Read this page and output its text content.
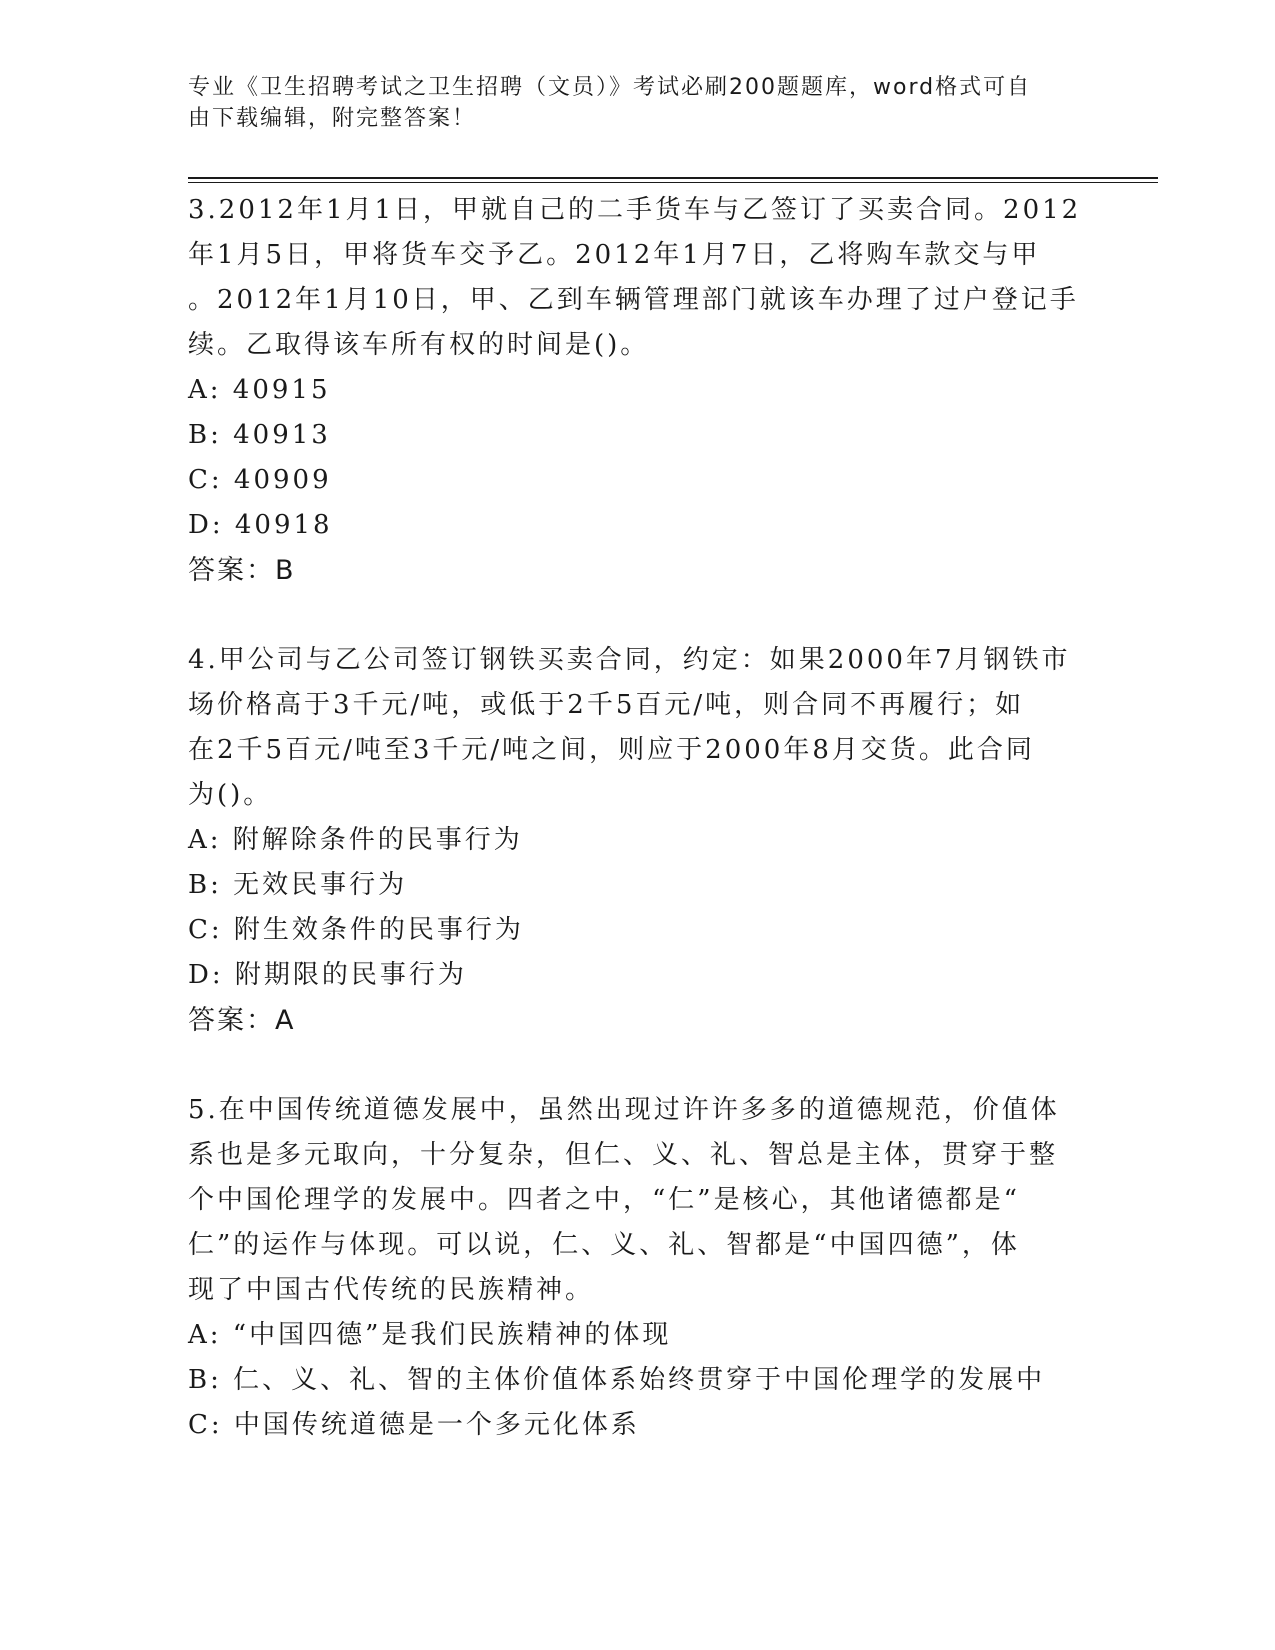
专业《卫生招聘考试之卫生招聘（文员）》考试必刷200题题库，word格式可自
由下载编辑，附完整答案！
3.2012年1月1日，甲就自己的二手货车与乙签订了买卖合同。2012
年1月5日，甲将货车交予乙。2012年1月7日，乙将购车款交与甲
。2012年1月10日，甲、乙到车辆管理部门就该车办理了过户登记手
续。乙取得该车所有权的时间是()。
A: 40915
B: 40913
C: 40909
D: 40918
答案：B
4.甲公司与乙公司签订钢铁买卖合同，约定：如果2000年7月钢铁市
场价格高于3千元/吨，或低于2千5百元/吨，则合同不再履行；如
在2千5百元/吨至3千元/吨之间，则应于2000年8月交货。此合同
为()。
A: 附解除条件的民事行为
B: 无效民事行为
C: 附生效条件的民事行为
D: 附期限的民事行为
答案：A
5.在中国传统道德发展中，虽然出现过许许多多的道德规范，价值体
系也是多元取向，十分复杂，但仁、义、礼、智总是主体，贯穿于整
个中国伦理学的发展中。四者之中，“仁”是核心，其他诸德都是“
仁”的运作与体现。可以说，仁、义、礼、智都是“中国四德”，体
现了中国古代传统的民族精神。
A: “中国四德”是我们民族精神的体现
B: 仁、义、礼、智的主体价值体系始终贯穿于中国伦理学的发展中
C: 中国传统道德是一个多元化体系
